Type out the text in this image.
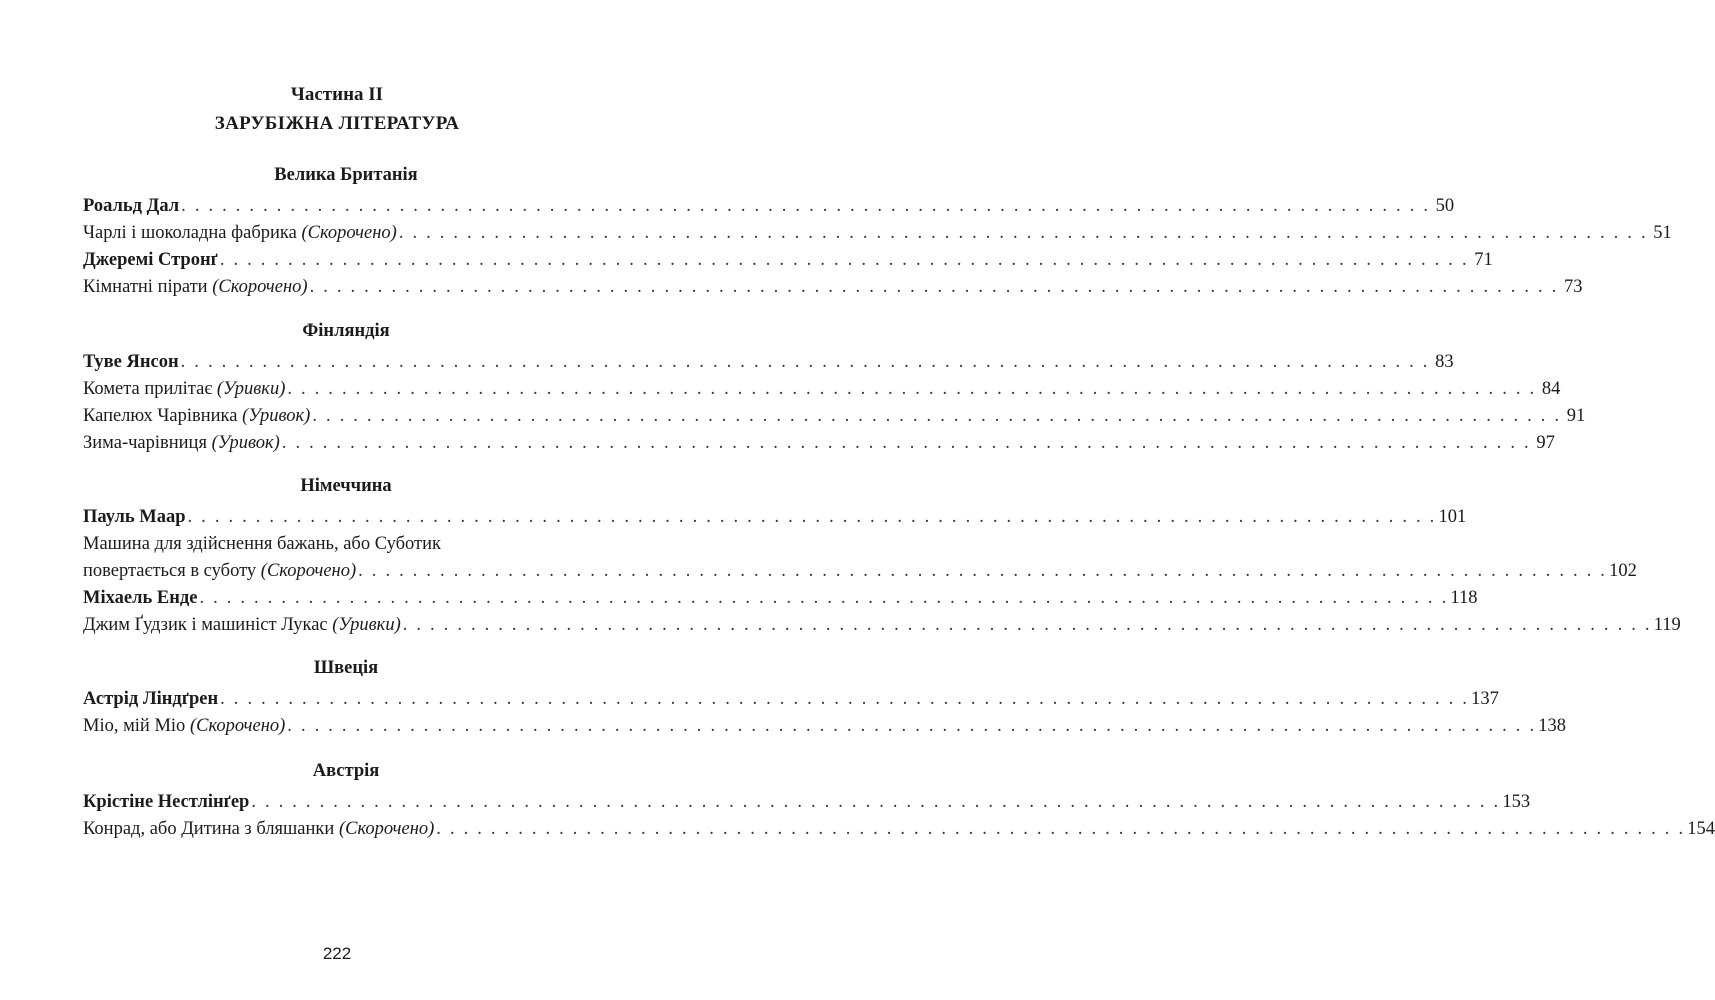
Частина II
ЗАРУБІЖНА ЛІТЕРАТУРА
Велика Британія
Роальд Дал . . . . . . . . . . . . . . . . . . . . . . . . . . . . . . . . . . . . . . . . . . . . . . . . . . . . . . . . . . . . . . . . . . . . . . . . . . . . . . . . . . . . . . . . . . . . 50
Чарлі і шоколадна фабрика (Скорочено) . . . . . . . . . . . . . . . . . . . . . . . . . . . . . . . . . . . . . . . . . . . . . . . . . . . . . . . . . . . . . . . . . . . . . . . . . . . . . . . . . . . . . . . . . . . . 51
Джеремі Стронґ . . . . . . . . . . . . . . . . . . . . . . . . . . . . . . . . . . . . . . . . . . . . . . . . . . . . . . . . . . . . . . . . . . . . . . . . . . . . . . . . . . . . . . . . . . . . 71
Кімнатні пірати (Скорочено) . . . . . . . . . . . . . . . . . . . . . . . . . . . . . . . . . . . . . . . . . . . . . . . . . . . . . . . . . . . . . . . . . . . . . . . . . . . . . . . . . . . . . . . . . . . . 73
Фінляндія
Туве Янсон . . . . . . . . . . . . . . . . . . . . . . . . . . . . . . . . . . . . . . . . . . . . . . . . . . . . . . . . . . . . . . . . . . . . . . . . . . . . . . . . . . . . . . . . . . . . 83
Комета прилітає (Уривки) . . . . . . . . . . . . . . . . . . . . . . . . . . . . . . . . . . . . . . . . . . . . . . . . . . . . . . . . . . . . . . . . . . . . . . . . . . . . . . . . . . . . . . . . . . . . 84
Капелюх Чарівника (Уривок) . . . . . . . . . . . . . . . . . . . . . . . . . . . . . . . . . . . . . . . . . . . . . . . . . . . . . . . . . . . . . . . . . . . . . . . . . . . . . . . . . . . . . . . . . . . . 91
Зима-чарівниця (Уривок) . . . . . . . . . . . . . . . . . . . . . . . . . . . . . . . . . . . . . . . . . . . . . . . . . . . . . . . . . . . . . . . . . . . . . . . . . . . . . . . . . . . . . . . . . . . . 97
Німеччина
Пауль Маар . . . . . . . . . . . . . . . . . . . . . . . . . . . . . . . . . . . . . . . . . . . . . . . . . . . . . . . . . . . . . . . . . . . . . . . . . . . . . . . . . . . . . . . . . . . . 101
Машина для здійснення бажань, або Суботик
повертається в суботу (Скорочено) . . . . . . . . . . . . . . . . . . . . . . . . . . . . . . . . . . . . . . . . . . . . . . . . . . . . . . . . . . . . . . . . . . . . . . . . . . . . . . . . . . . . . . . . . . . . 102
Міхаель Енде . . . . . . . . . . . . . . . . . . . . . . . . . . . . . . . . . . . . . . . . . . . . . . . . . . . . . . . . . . . . . . . . . . . . . . . . . . . . . . . . . . . . . . . . . . . . 118
Джим Ґудзик і машиніст Лукас (Уривки) . . . . . . . . . . . . . . . . . . . . . . . . . . . . . . . . . . . . . . . . . . . . . . . . . . . . . . . . . . . . . . . . . . . . . . . . . . . . . . . . . . . . . . . . . . . . 119
Швеція
Астрід Ліндґрен . . . . . . . . . . . . . . . . . . . . . . . . . . . . . . . . . . . . . . . . . . . . . . . . . . . . . . . . . . . . . . . . . . . . . . . . . . . . . . . . . . . . . . . . . . . . 137
Міо, мій Міо (Скорочено) . . . . . . . . . . . . . . . . . . . . . . . . . . . . . . . . . . . . . . . . . . . . . . . . . . . . . . . . . . . . . . . . . . . . . . . . . . . . . . . . . . . . . . . . . . . . 138
Австрія
Крістіне Нестлінґер . . . . . . . . . . . . . . . . . . . . . . . . . . . . . . . . . . . . . . . . . . . . . . . . . . . . . . . . . . . . . . . . . . . . . . . . . . . . . . . . . . . . . . . . . . . . 153
Конрад, або Дитина з бляшанки (Скорочено) . . . . . . . . . . . . . . . . . . . . . . . . . . . . . . . . . . . . . . . . . . . . . . . . . . . . . . . . . . . . . . . . . . . . . . . . . . . . . . . . . . . . . . . . . . . . 154
222
